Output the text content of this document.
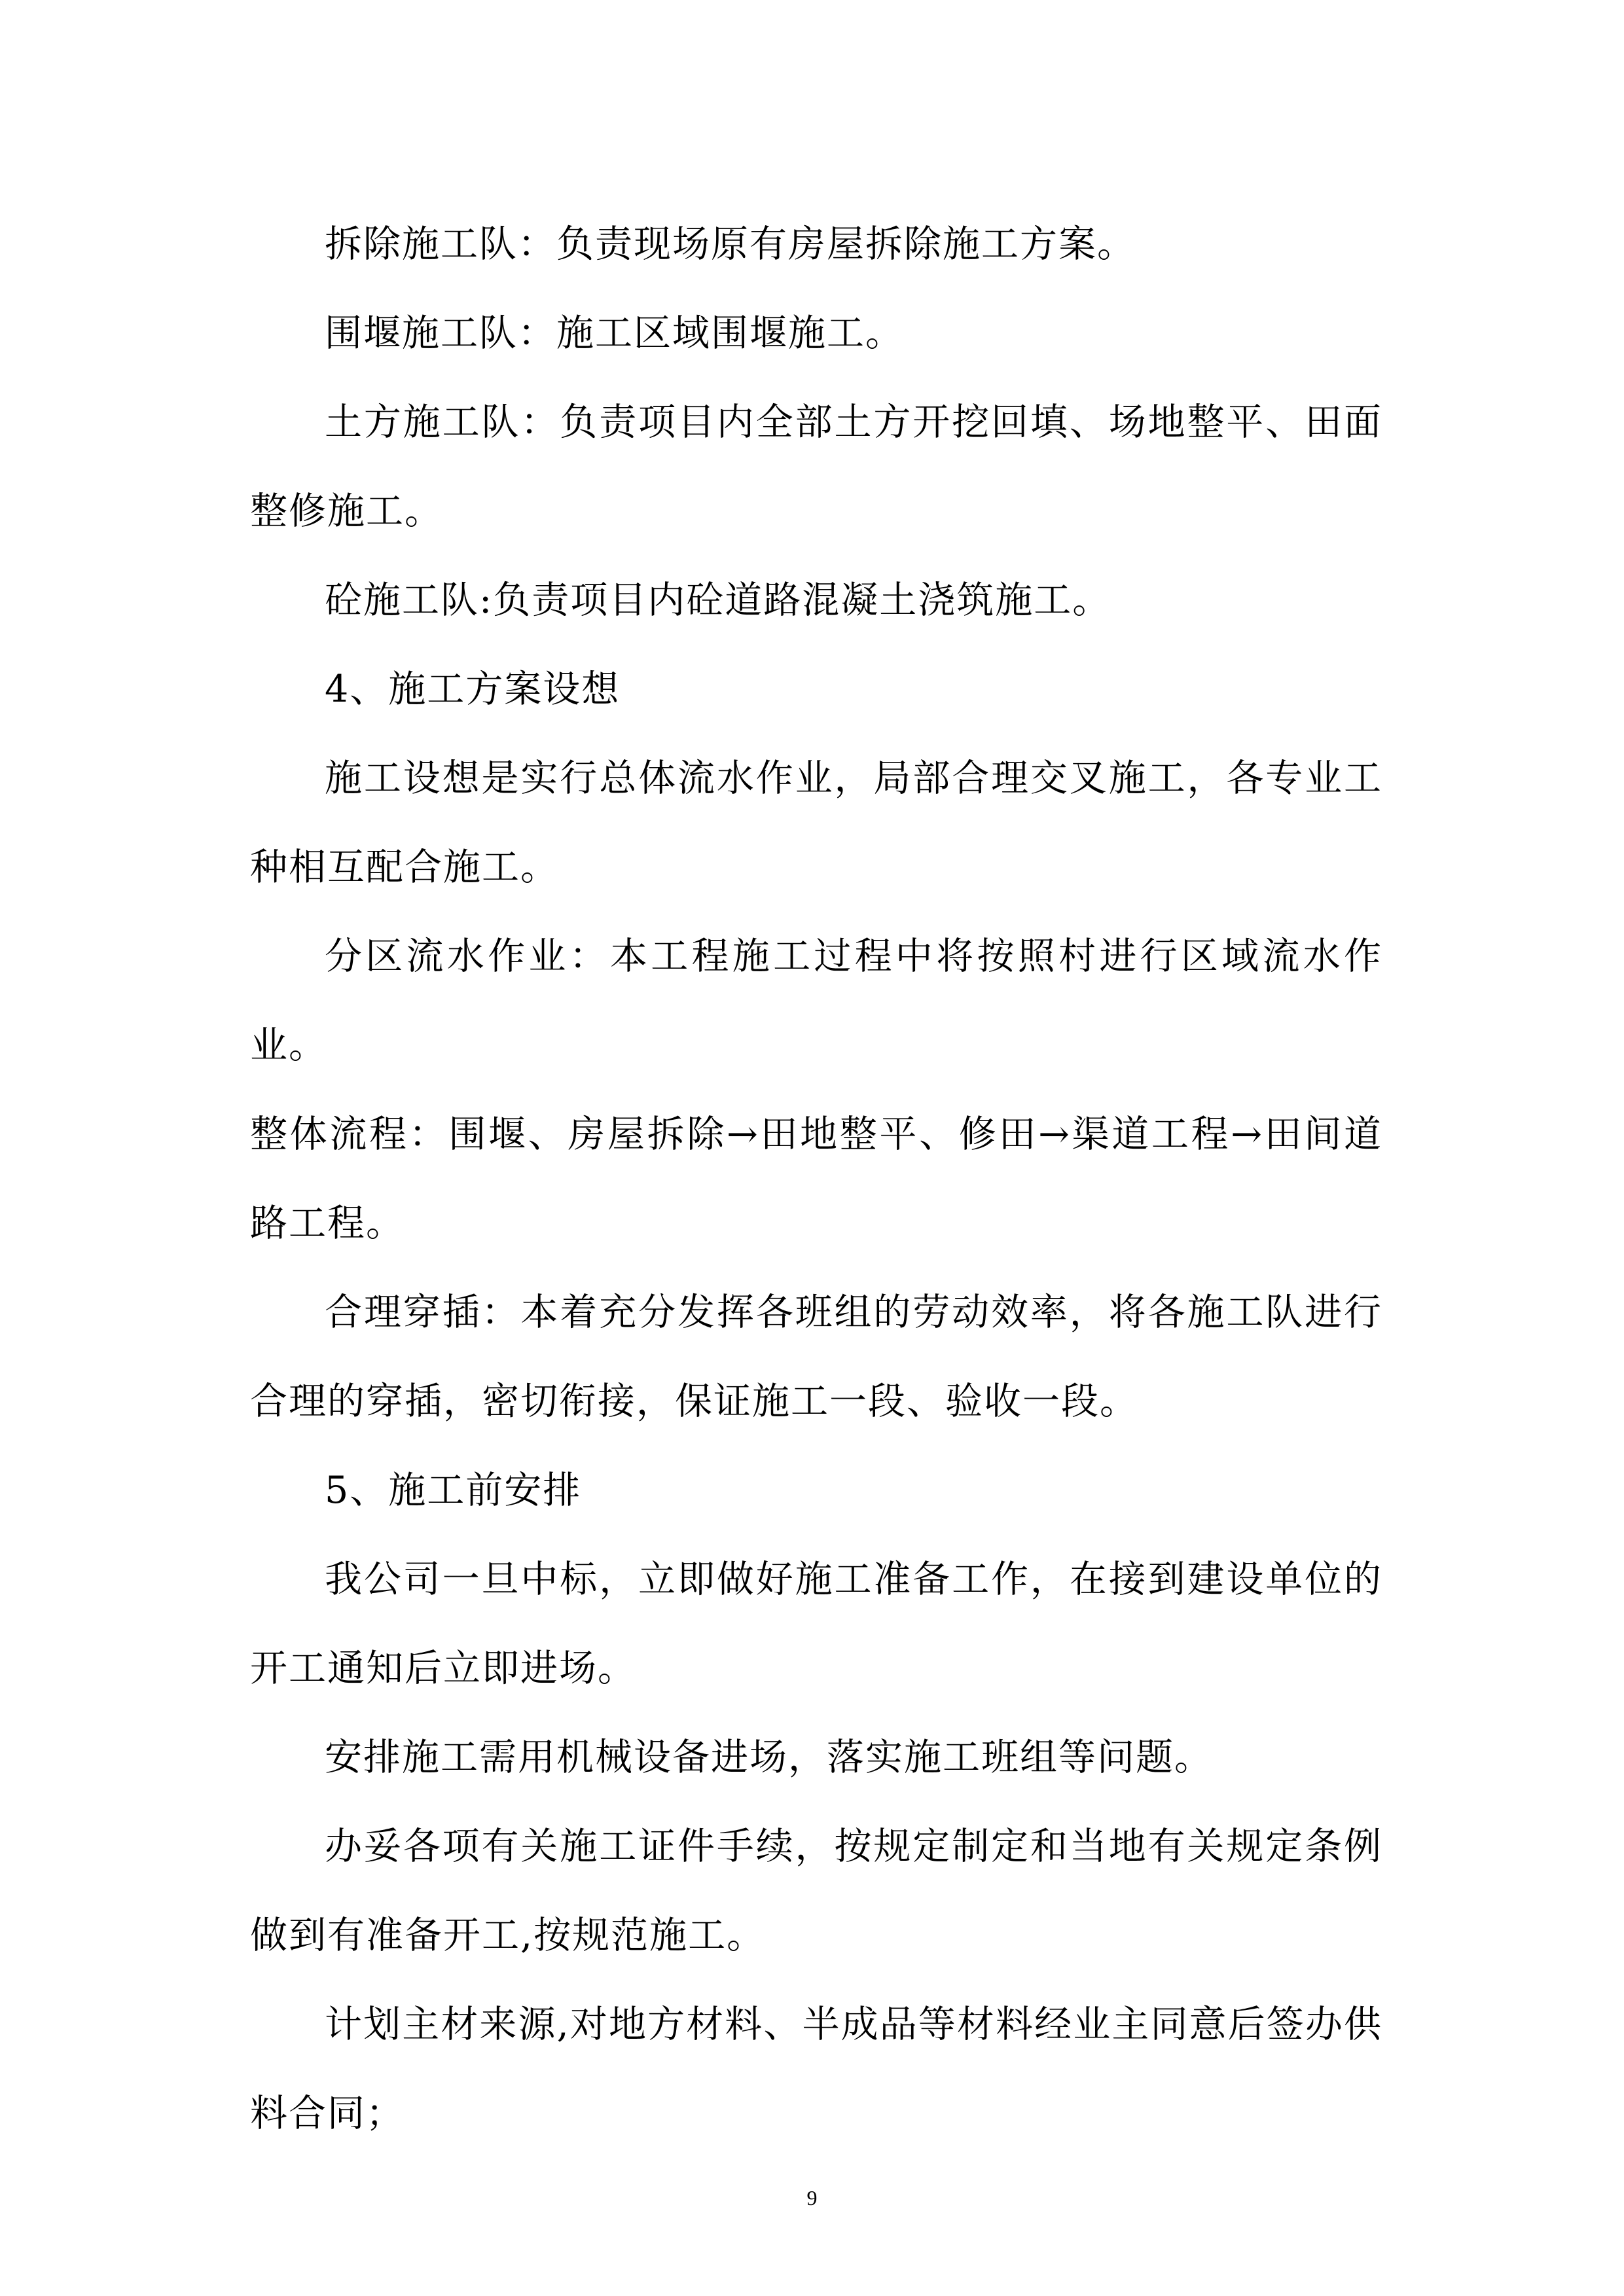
拆除施工队：负责现场原有房屋拆除施工方案。

围堰施工队：施工区域围堰施工。

土方施工队：负责项目内全部土方开挖回填、场地整平、田面整修施工。

砼施工队:负责项目内砼道路混凝土浇筑施工。

4、施工方案设想

施工设想是实行总体流水作业，局部合理交叉施工，各专业工种相互配合施工。

分区流水作业：本工程施工过程中将按照村进行区域流水作业。

整体流程：围堰、房屋拆除→田地整平、修田→渠道工程→田间道路工程。

合理穿插：本着充分发挥各班组的劳动效率，将各施工队进行合理的穿插，密切衔接，保证施工一段、验收一段。

5、施工前安排

我公司一旦中标，立即做好施工准备工作，在接到建设单位的开工通知后立即进场。

安排施工需用机械设备进场，落实施工班组等问题。

办妥各项有关施工证件手续，按规定制定和当地有关规定条例做到有准备开工,按规范施工。

计划主材来源,对地方材料、半成品等材料经业主同意后签办供料合同；

9
